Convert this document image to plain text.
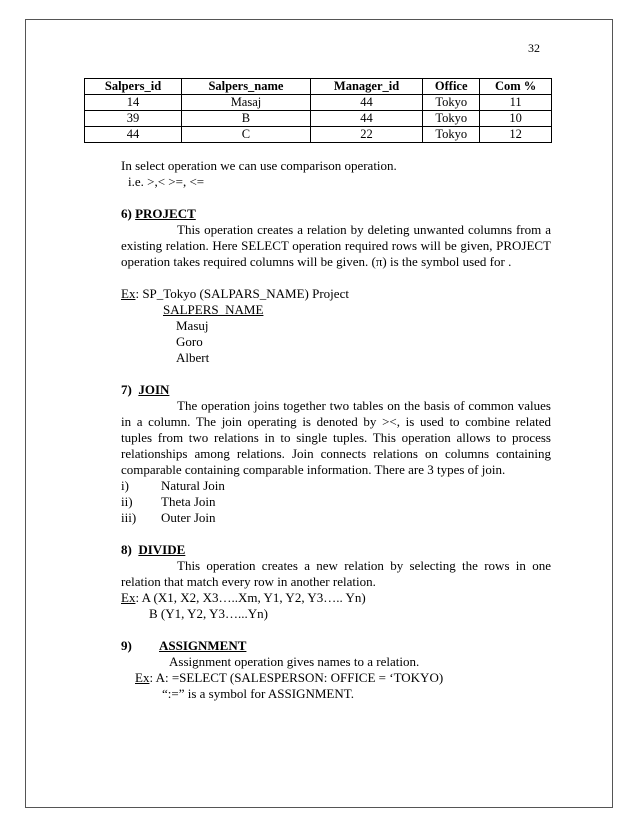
32
Salpers_id	Salpers_name	Manager_id	Office	Com %
14	Masaj	44	Tokyo	11
39	B	44	Tokyo	10
44	C	22	Tokyo	12
In select operation we can use comparison operation.
i.e. >,< >=, <=
6) PROJECT
This operation creates a relation by deleting unwanted columns from a existing relation. Here SELECT operation required rows will be given, PROJECT operation takes required columns will be given. (π) is the symbol used for .
Ex: SP_Tokyo (SALPARS_NAME) Project
SALPERS_NAME
Masuj
Goro
Albert
7) JOIN
The operation joins together two tables on the basis of common values in a column. The join operating is denoted by ><, is used to combine related tuples from two relations in to single tuples. This operation allows to process relationships among relations. Join connects relations on columns containing comparable containing comparable information. There are 3 types of join.
i) Natural Join
ii) Theta Join
iii) Outer Join
8) DIVIDE
This operation creates a new relation by selecting the rows in one relation that match every row in another relation.
Ex: A (X1, X2, X3…..Xm, Y1, Y2, Y3….. Yn)
B (Y1, Y2, Y3…...Yn)
9) ASSIGNMENT
Assignment operation gives names to a relation.
Ex: A: =SELECT (SALESPERSON: OFFICE = ‘TOKYO)
“:=” is a symbol for ASSIGNMENT.
